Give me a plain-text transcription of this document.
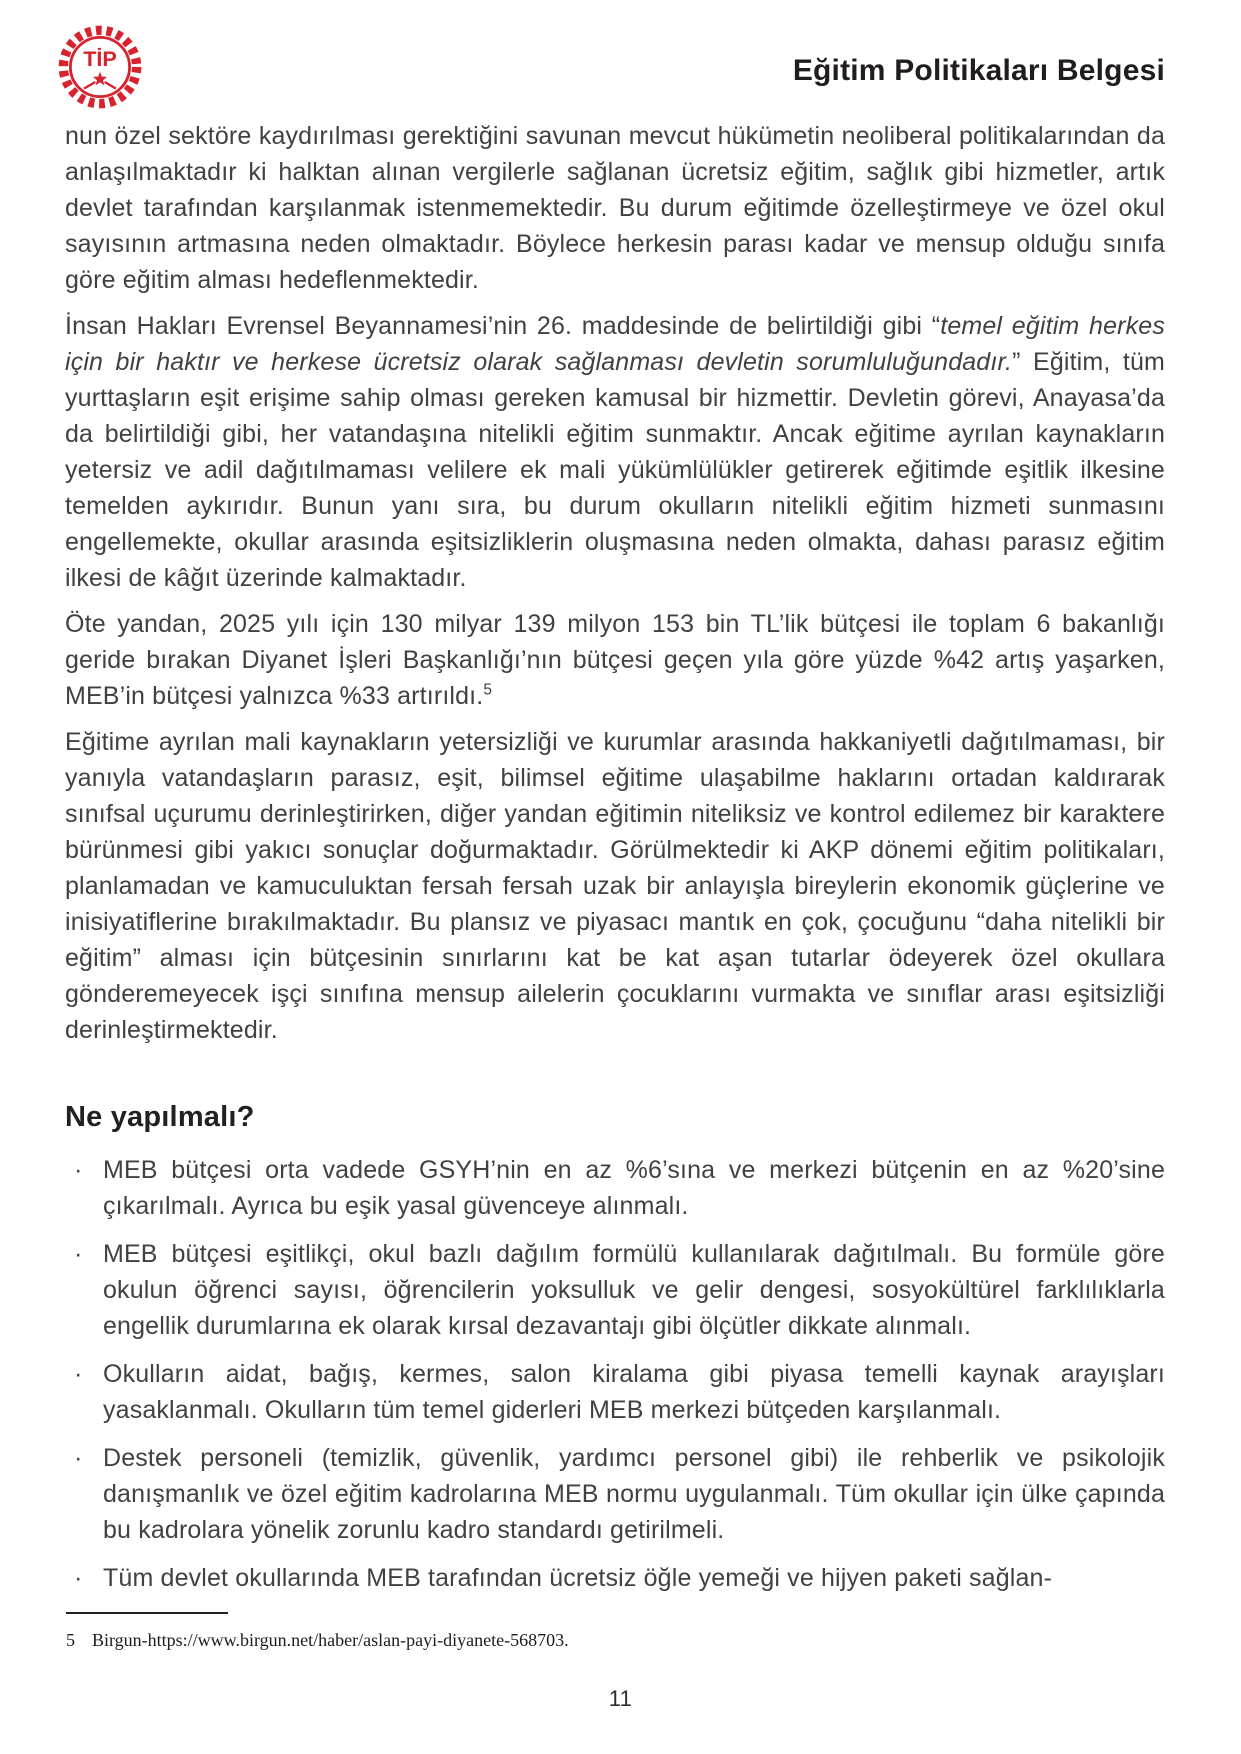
TİP	Eğitim Politikaları Belgesi

nun özel sektöre kaydırılması gerektiğini savunan mevcut hükümetin neoliberal politikalarından da anlaşılmaktadır ki halktan alınan vergilerle sağlanan ücretsiz eğitim, sağlık gibi hizmetler, artık devlet tarafından karşılanmak istenmemektedir. Bu durum eğitimde özelleştirmeye ve özel okul sayısının artmasına neden olmaktadır. Böylece herkesin parası kadar ve mensup olduğu sınıfa göre eğitim alması hedeflenmektedir.

İnsan Hakları Evrensel Beyannamesi’nin 26. maddesinde de belirtildiği gibi “temel eğitim herkes için bir haktır ve herkese ücretsiz olarak sağlanması devletin sorumluluğundadır.” Eğitim, tüm yurttaşların eşit erişime sahip olması gereken kamusal bir hizmettir. Devletin görevi, Anayasa’da da belirtildiği gibi, her vatandaşına nitelikli eğitim sunmaktır. Ancak eğitime ayrılan kaynakların yetersiz ve adil dağıtılmaması velilere ek mali yükümlülükler getirerek eğitimde eşitlik ilkesine temelden aykırıdır. Bunun yanı sıra, bu durum okulların nitelikli eğitim hizmeti sunmasını engellemekte, okullar arasında eşitsizliklerin oluşmasına neden olmakta, dahası parasız eğitim ilkesi de kâğıt üzerinde kalmaktadır.

Öte yandan, 2025 yılı için 130 milyar 139 milyon 153 bin TL’lik bütçesi ile toplam 6 bakanlığı geride bırakan Diyanet İşleri Başkanlığı’nın bütçesi geçen yıla göre yüzde %42 artış yaşarken, MEB’in bütçesi yalnızca %33 artırıldı.$^5$

Eğitime ayrılan mali kaynakların yetersizliği ve kurumlar arasında hakkaniyetli dağıtılmaması, bir yanıyla vatandaşların parasız, eşit, bilimsel eğitime ulaşabilme haklarını ortadan kaldırarak sınıfsal uçurumu derinleştirirken, diğer yandan eğitimin niteliksiz ve kontrol edilemez bir karaktere bürünmesi gibi yakıcı sonuçlar doğurmaktadır. Görülmektedir ki AKP dönemi eğitim politikaları, planlamadan ve kamuculuktan fersah fersah uzak bir anlayışla bireylerin ekonomik güçlerine ve inisiyatiflerine bırakılmaktadır. Bu plansız ve piyasacı mantık en çok, çocuğunu “daha nitelikli bir eğitim” alması için bütçesinin sınırlarını kat be kat aşan tutarlar ödeyerek özel okullara gönderemeyecek işçi sınıfına mensup ailelerin çocuklarını vurmakta ve sınıflar arası eşitsizliği derinleştirmektedir.

Ne yapılmalı?
· MEB bütçesi orta vadede GSYH’nin en az %6’sına ve merkezi bütçenin en az %20’sine çıkarılmalı. Ayrıca bu eşik yasal güvenceye alınmalı.

· MEB bütçesi eşitlikçi, okul bazlı dağılım formülü kullanılarak dağıtılmalı. Bu formüle göre okulun öğrenci sayısı, öğrencilerin yoksulluk ve gelir dengesi, sosyokültürel farklılıklarla engellik durumlarına ek olarak kırsal dezavantajı gibi ölçütler dikkate alınmalı.

· Okulların aidat, bağış, kermes, salon kiralama gibi piyasa temelli kaynak arayışları yasaklanmalı. Okulların tüm temel giderleri MEB merkezi bütçeden karşılanmalı.

· Destek personeli (temizlik, güvenlik, yardımcı personel gibi) ile rehberlik ve psikolojik danışmanlık ve özel eğitim kadrolarına MEB normu uygulanmalı. Tüm okullar için ülke çapında bu kadrolara yönelik zorunlu kadro standardı getirilmeli.

· Tüm devlet okullarında MEB tarafından ücretsiz öğle yemeği ve hijyen paketi sağlan-

5 Birgun-https://www.birgun.net/haber/aslan-payi-diyanete-568703.
11
